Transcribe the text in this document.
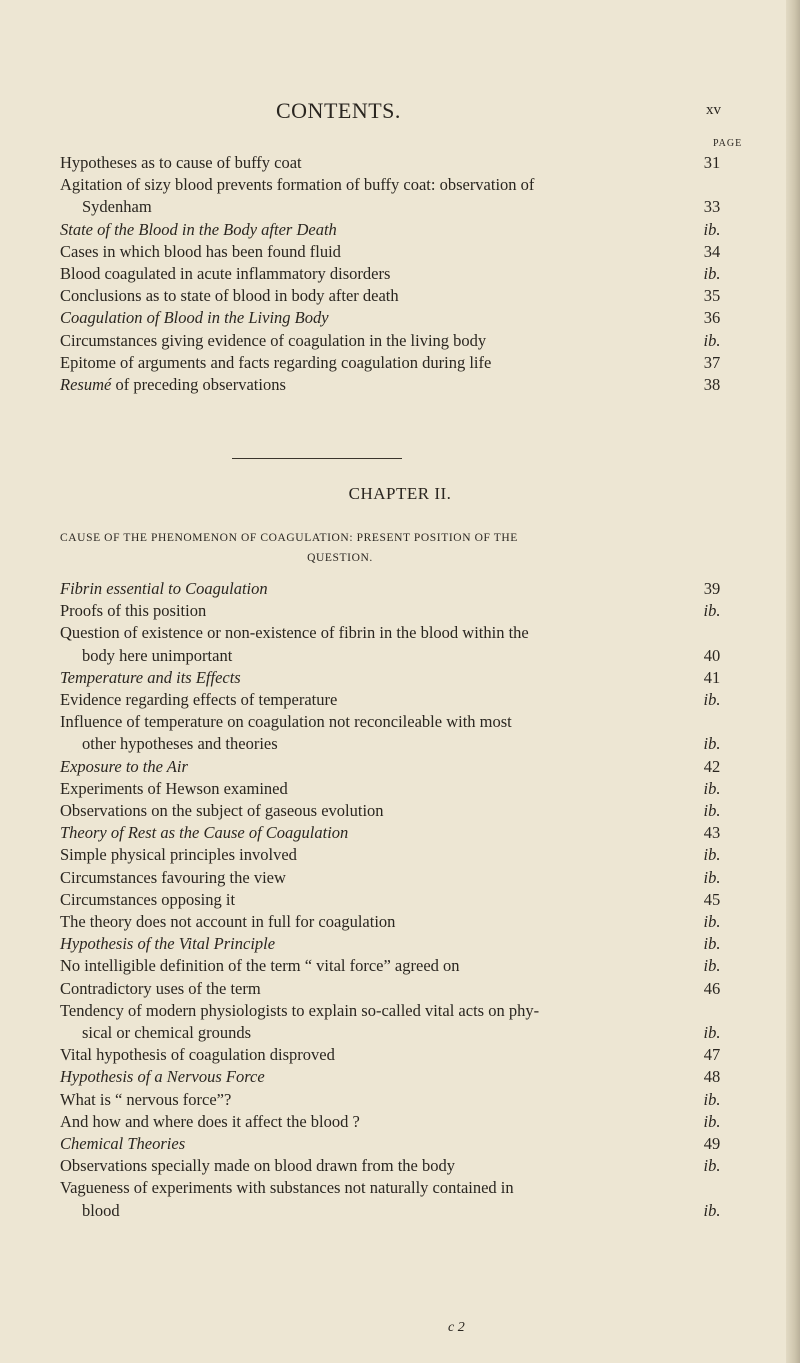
CONTENTS.	xv
PAGE
Hypotheses as to cause of buffy coat	31
Agitation of sizy blood prevents formation of buffy coat: observation of
Sydenham	33
State of the Blood in the Body after Death	ib.
Cases in which blood has been found fluid	34
Blood coagulated in acute inflammatory disorders	ib.
Conclusions as to state of blood in body after death	35
Coagulation of Blood in the Living Body	36
Circumstances giving evidence of coagulation in the living body	ib.
Epitome of arguments and facts regarding coagulation during life	37
Resumé of preceding observations	38
CHAPTER II.
CAUSE OF THE PHENOMENON OF COAGULATION: PRESENT POSITION OF THE
QUESTION.
Fibrin essential to Coagulation	39
Proofs of this position	ib.
Question of existence or non-existence of fibrin in the blood within the
body here unimportant	40
Temperature and its Effects	41
Evidence regarding effects of temperature	ib.
Influence of temperature on coagulation not reconcileable with most
other hypotheses and theories	ib.
Exposure to the Air	42
Experiments of Hewson examined	ib.
Observations on the subject of gaseous evolution	ib.
Theory of Rest as the Cause of Coagulation	43
Simple physical principles involved	ib.
Circumstances favouring the view	ib.
Circumstances opposing it	45
The theory does not account in full for coagulation	ib.
Hypothesis of the Vital Principle	ib.
No intelligible definition of the term “ vital force” agreed on	ib.
Contradictory uses of the term	46
Tendency of modern physiologists to explain so-called vital acts on phy-
sical or chemical grounds	ib.
Vital hypothesis of coagulation disproved	47
Hypothesis of a Nervous Force	48
What is “ nervous force”?	ib.
And how and where does it affect the blood ?	ib.
Chemical Theories	49
Observations specially made on blood drawn from the body	ib.
Vagueness of experiments with substances not naturally contained in
blood	ib.
c 2
